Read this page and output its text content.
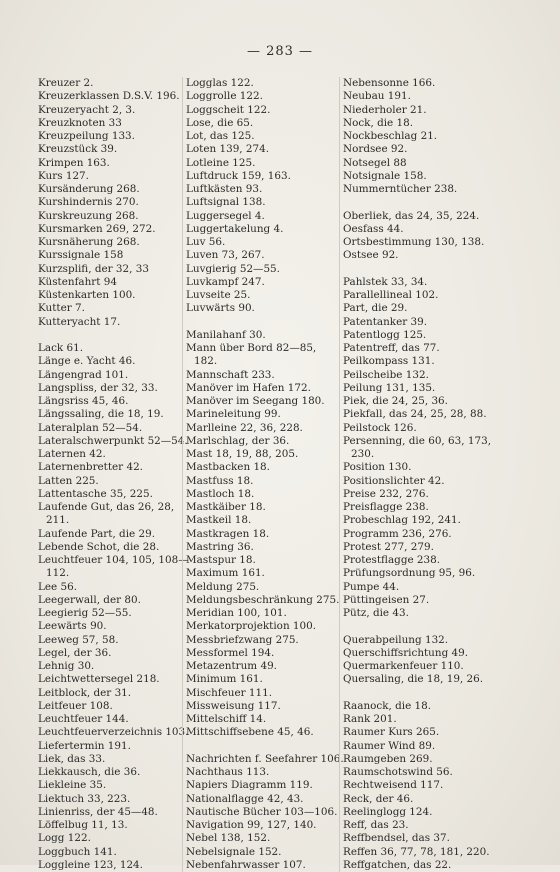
— 283 —
Kreuzer 2.
Kreuzerklassen D.S.V. 196.
Kreuzeryacht 2, 3.
Kreuzknoten 33
Kreuzpeilung 133.
Kreuzstück 39.
Krimpen 163.
Kurs 127.
Kursänderung 268.
Kurshindernis 270.
Kurskreuzung 268.
Kursmarken 269, 272.
Kursnäherung 268.
Kurssignale 158
Kurzsplifi, der 32, 33
Küstenfahrt 94
Küstenkarten 100.
Kutter 7.
Kutteryacht 17.
Lack 61.
Länge e. Yacht 46.
Längengrad 101.
Langspliss, der 32, 33.
Längsriss 45, 46.
Längssaling, die 18, 19.
Lateralplan 52—54.
Lateralschwerpunkt 52—54.
Laternen 42.
Laternenbretter 42.
Latten 225.
Lattentasche 35, 225.
Laufende Gut, das 26, 28,
211.
Laufende Part, die 29.
Lebende Schot, die 28.
Leuchtfeuer 104, 105, 108—
112.
Lee 56.
Leegerwall, der 80.
Leegierig 52—55.
Leewärts 90.
Leeweg 57, 58.
Legel, der 36.
Lehnig 30.
Leichtwettersegel 218.
Leitblock, der 31.
Leitfeuer 108.
Leuchtfeuer 144.
Leuchtfeuerverzeichnis 103.
Liefertermin 191.
Liek, das 33.
Liekkausch, die 36.
Liekleine 35.
Liektuch 33, 223.
Linienriss, der 45—48.
Löffelbug 11, 13.
Logg 122.
Loggbuch 141.
Loggleine 123, 124.
Logglas 122.
Loggrolle 122.
Loggscheit 122.
Lose, die 65.
Lot, das 125.
Loten 139, 274.
Lotleine 125.
Luftdruck 159, 163.
Luftkästen 93.
Luftsignal 138.
Luggersegel 4.
Luggertakelung 4.
Luv 56.
Luven 73, 267.
Luvgierig 52—55.
Luvkampf 247.
Luvseite 25.
Luvwärts 90.
Manilahanf 30.
Mann über Bord 82—85,
182.
Mannschaft 233.
Manöver im Hafen 172.
Manöver im Seegang 180.
Marineleitung 99.
Marlleine 22, 36, 228.
Marlschlag, der 36.
Mast 18, 19, 88, 205.
Mastbacken 18.
Mastfuss 18.
Mastloch 18.
Mastkäiber 18.
Mastkeil 18.
Mastkragen 18.
Mastring 36.
Mastspur 18.
Maximum 161.
Meldung 275.
Meldungsbeschränkung 275.
Meridian 100, 101.
Merkatorprojektion 100.
Messbriefzwang 275.
Messformel 194.
Metazentrum 49.
Minimum 161.
Mischfeuer 111.
Missweisung 117.
Mittelschiff 14.
Mittschiffsebene 45, 46.
Nachrichten f. Seefahrer 106.
Nachthaus 113.
Napiers Diagramm 119.
Nationalflagge 42, 43.
Nautische Bücher 103—106.
Navigation 99, 127, 140.
Nebel 138, 152.
Nebelsignale 152.
Nebenfahrwasser 107.
Nebensonne 166.
Neubau 191.
Niederholer 21.
Nock, die 18.
Nockbeschlag 21.
Nordsee 92.
Notsegel 88
Notsignale 158.
Nummerntücher 238.
Oberliek, das 24, 35, 224.
Oesfass 44.
Ortsbestimmung 130, 138.
Ostsee 92.
Pahlstek 33, 34.
Parallellineal 102.
Part, die 29.
Patentanker 39.
Patentlogg 125.
Patentreff, das 77.
Peilkompass 131.
Peilscheibe 132.
Peilung 131, 135.
Piek, die 24, 25, 36.
Piekfall, das 24, 25, 28, 88.
Peilstock 126.
Persenning, die 60, 63, 173,
230.
Position 130.
Positionslichter 42.
Preise 232, 276.
Preisflagge 238.
Probeschlag 192, 241.
Programm 236, 276.
Protest 277, 279.
Protestflagge 238.
Prüfungsordnung 95, 96.
Pumpe 44.
Püttingeisen 27.
Pütz, die 43.
Querabpeilung 132.
Querschiffsrichtung 49.
Quermarkenfeuer 110.
Quersaling, die 18, 19, 26.
Raanock, die 18.
Rank 201.
Raumer Kurs 265.
Raumer Wind 89.
Raumgeben 269.
Raumschotswind 56.
Rechtweisend 117.
Reck, der 46.
Reelinglogg 124.
Reff, das 23.
Reffbendsel, das 37.
Reffen 36, 77, 78, 181, 220.
Reffgatchen, das 22.
